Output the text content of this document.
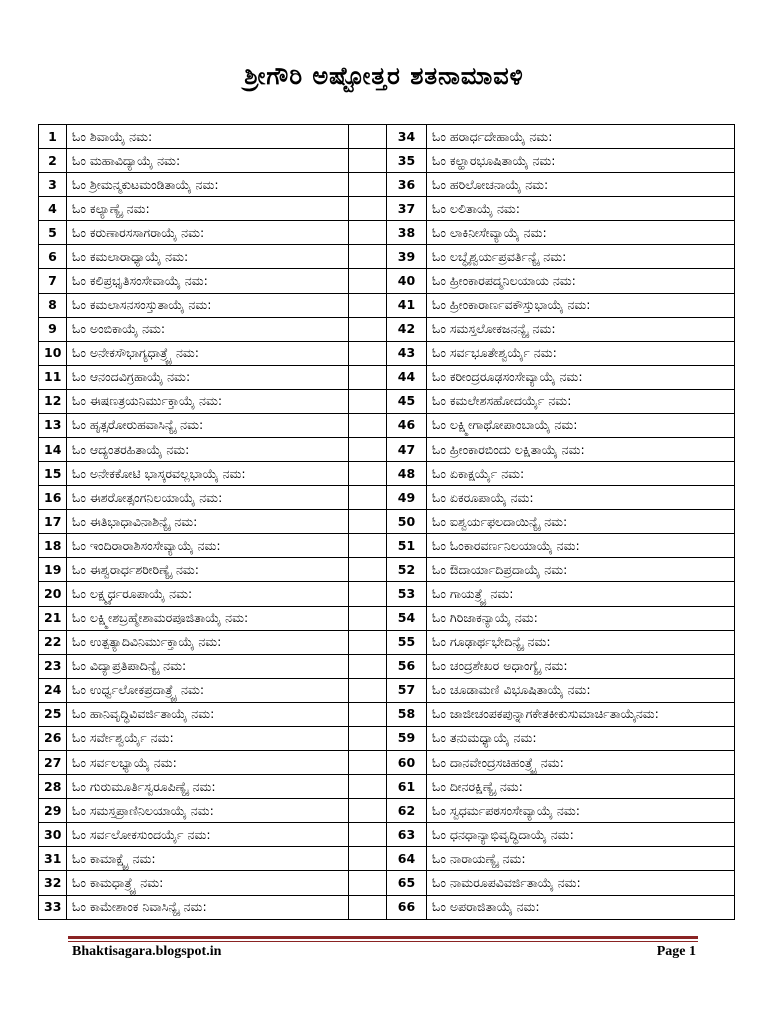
ಶ್ರೀಗೌರಿ ಅಷ್ಟೋತ್ತರ ಶತನಾಮಾವಳಿ
1	ಓಂ ಶಿವಾಯೈ ನಮ:		34	ಓಂ ಹರಾರ್ಧದೇಹಾಯೈ ನಮ:
2	ಓಂ ಮಹಾವಿದ್ಯಾಯೈ ನಮ:		35	ಓಂ ಕಲ್ಹಾರಭೂಷಿತಾಯೈ ನಮ:
3	ಓಂ ಶ್ರೀಮನ್ಮಕುಟಮಂಡಿತಾಯೈ ನಮ:		36	ಓಂ ಹರಿಲೋಚನಾಯೈ ನಮ:
4	ಓಂ ಕಲ್ಯಾಣ್ಯೈ ನಮ:		37	ಓಂ ಲಲಿತಾಯೈ ನಮ:
5	ಓಂ ಕರುಣಾರಸಸಾಗರಾಯೈ ನಮ:		38	ಓಂ ಲಾಕಿನೀಸೇವ್ಯಾಯೈ ನಮ:
6	ಓಂ ಕಮಲಾರಾಧ್ಯಾಯೈ ನಮ:		39	ಓಂ ಲಬ್ಧೈಶ್ವರ್ಯಪ್ರವರ್ತಿನ್ಯೈ ನಮ:
7	ಓಂ ಕಲಿಪ್ರಭೃತಿಸಂಸೇವಾಯೈ ನಮ:		40	ಓಂ ಹ್ರೀಂಕಾರಪದ್ಮನಿಲಯಾಯ ನಮ:
8	ಓಂ ಕಮಲಾಸನಸಂಸ್ತುತಾಯೈ ನಮ:		41	ಓಂ ಹ್ರೀಂಕಾರಾರ್ಣವಕೌಸ್ತುಭಾಯೈ ನಮ:
9	ಓಂ ಅಂಬಿಕಾಯೈ ನಮ:		42	ಓಂ ಸಮಸ್ತಲೋಕಜನನ್ಯೈ ನಮ:
10	ಓಂ ಅನೇಕಸೌಭಾಗ್ಯಧಾತ್ರ್ಯೈ ನಮ:		43	ಓಂ ಸರ್ವಭೂತೇಶ್ವರ್ಯೈ ನಮ:
11	ಓಂ ಆನಂದವಿಗ್ರಹಾಯೈ ನಮ:		44	ಓಂ ಕರೀಂದ್ರರೂಢಸಂಸೇವ್ಯಾಯೈ ನಮ:
12	ಓಂ ಈಷಣತ್ರಯನಿರ್ಮುಕ್ತಾಯೈ ನಮ:		45	ಓಂ ಕಮಲೇಶಸಹೋದರ್ಯೈ ನಮ:
13	ಓಂ ಹೃತ್ಸರೋರುಹವಾಸಿನ್ಯೈ ನಮ:		46	ಓಂ ಲಕ್ಷ್ಮೀಗಾಥೋಪಾಂಬಾಯೈ ನಮ:
14	ಓಂ ಆದ್ಯಂತರಹಿತಾಯೈ ನಮ:		47	ಓಂ ಹ್ರೀಂಕಾರಬಿಂದು ಲಕ್ಷಿತಾಯೈ ನಮ:
15	ಓಂ ಅನೇಕಕೋಟಿ ಭಾಸ್ಕರವಲ್ಲಭಾಯೈ ನಮ:		48	ಓಂ ಏಕಾಕ್ಷರ್ಯೈ ನಮ:
16	ಓಂ ಈಶರೋತ್ಸಂಗನಿಲಯಾಯೈ ನಮ:		49	ಓಂ ಏಕರೂಪಾಯೈ ನಮ:
17	ಓಂ ಈತಿಭಾಧಾವಿನಾಶಿನ್ಯೈ ನಮ:		50	ಓಂ ಐಶ್ವರ್ಯಫಲದಾಯಿನ್ಯೈ ನಮ:
18	ಓಂ ಇಂದಿರಾರಾಶಿಸಂಸೇವ್ಯಾಯೈ ನಮ:		51	ಓಂ ಓಂಕಾರವರ್ಣನಿಲಯಾಯೈ ನಮ:
19	ಓಂ ಈಶ್ವರಾರ್ಧಶರೀರಿಣ್ಯೈ ನಮ:		52	ಓಂ ಔದಾರ್ಯಾದಿಪ್ರದಾಯೈ ನಮ:
20	ಓಂ ಲಕ್ಷ್ಮ್ಯರ್ಧರೂಪಾಯೈ ನಮ:		53	ಓಂ ಗಾಯತ್ರ್ಯೈ ನಮ:
21	ಓಂ ಲಕ್ಷ್ಮೀಶಬ್ರಹ್ಮೇಶಾಮರಪೂಜಿತಾಯೈ ನಮ:		54	ಓಂ ಗಿರಿಜಾಕನ್ಯಾಯೈ ನಮ:
22	ಓಂ ಉತ್ಪತ್ಯಾದಿವಿನಿರ್ಮುಕ್ತಾಯೈ ನಮ:		55	ಓಂ ಗೂಢಾರ್ಥಭೇದಿನ್ಯೈ ನಮ:
23	ಓಂ ವಿದ್ಯಾಪ್ರತಿಪಾದಿನ್ಯೈ ನಮ:		56	ಓಂ ಚಂದ್ರಶೇಖರ ಅಧಾಂಗ್ಯೈ ನಮ:
24	ಓಂ ಉರ್ಧ್ವಲೋಕಪ್ರದಾತ್ರ್ಯೈ ನಮ:		57	ಓಂ ಚೂಡಾಮಣಿ ವಿಭೂಷಿತಾಯೈ ನಮ:
25	ಓಂ ಹಾನಿವೃದ್ಧಿವಿವರ್ಜಿತಾಯೈ ನಮ:		58	ಓಂ ಜಾಜೀಚಂಪಕಪುನ್ನಾಗಕೇತಕೀಕುಸುಮಾರ್ಚಿತಾಯೈನಮ:
26	ಓಂ ಸರ್ವೇಶ್ವರ್ಯೈ ನಮ:		59	ಓಂ ತನುಮಧ್ಯಾಯೈ ನಮ:
27	ಓಂ ಸರ್ವಲಭ್ಯಾಯೈ ನಮ:		60	ಓಂ ದಾನವೇಂದ್ರಸಚಿಹಂತ್ರ್ಯೈ ನಮ:
28	ಓಂ ಗುರುಮೂರ್ತಿಸ್ವರೂಪಿಣ್ಯೈ ನಮ:		61	ಓಂ ದೀನರಕ್ಷಿಣ್ಯೈ ನಮ:
29	ಓಂ ಸಮಸ್ತಪ್ರಾಣಿನಿಲಯಾಯೈ ನಮ:		62	ಓಂ ಸ್ವಧರ್ಮಪಠಸಂಸೇವ್ಯಾಯೈ ನಮ:
30	ಓಂ ಸರ್ವಲೋಕಸುಂದರ್ಯೈ ನಮ:		63	ಓಂ ಧನಧಾನ್ಯಾಭಿವೃದ್ಧಿದಾಯೈ ನಮ:
31	ಓಂ ಕಾಮಾಕ್ಷ್ಯೈ ನಮ:		64	ಓಂ ನಾರಾಯಣ್ಯೈ ನಮ:
32	ಓಂ ಕಾಮಧಾತ್ರ್ಯೈ ನಮ:		65	ಓಂ ನಾಮರೂಪವಿವರ್ಜಿತಾಯೈ ನಮ:
33	ಓಂ ಕಾಮೇಶಾಂಕ ನಿವಾಸಿನ್ಯೈ ನಮ:		66	ಓಂ ಅಪರಾಜಿತಾಯೈ ನಮ:
Bhaktisagara.blogspot.in	Page 1
